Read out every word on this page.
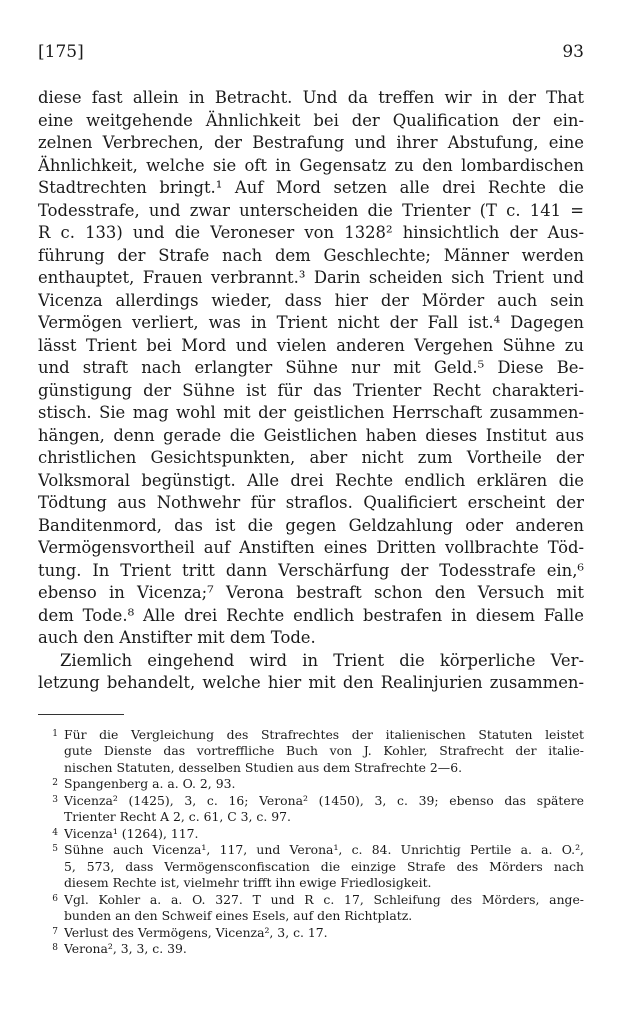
[175]	93
diese fast allein in Betracht. Und da treffen wir in der That
eine weitgehende Ähnlichkeit bei der Qualification der ein-
zelnen Verbrechen, der Bestrafung und ihrer Abstufung, eine
Ähnlichkeit, welche sie oft in Gegensatz zu den lombardischen
Stadtrechten bringt.¹ Auf Mord setzen alle drei Rechte die
Todesstrafe, und zwar unterscheiden die Trienter (T c. 141 =
R c. 133) und die Veroneser von 1328² hinsichtlich der Aus-
führung der Strafe nach dem Geschlechte; Männer werden
enthauptet, Frauen verbrannt.³ Darin scheiden sich Trient und
Vicenza allerdings wieder, dass hier der Mörder auch sein
Vermögen verliert, was in Trient nicht der Fall ist.⁴ Dagegen
lässt Trient bei Mord und vielen anderen Vergehen Sühne zu
und straft nach erlangter Sühne nur mit Geld.⁵ Diese Be-
günstigung der Sühne ist für das Trienter Recht charakteri-
stisch. Sie mag wohl mit der geistlichen Herrschaft zusammen-
hängen, denn gerade die Geistlichen haben dieses Institut aus
christlichen Gesichtspunkten, aber nicht zum Vortheile der
Volksmoral begünstigt. Alle drei Rechte endlich erklären die
Tödtung aus Nothwehr für straflos. Qualificiert erscheint der
Banditenmord, das ist die gegen Geldzahlung oder anderen
Vermögensvortheil auf Anstiften eines Dritten vollbrachte Töd-
tung. In Trient tritt dann Verschärfung der Todesstrafe ein,⁶
ebenso in Vicenza;⁷ Verona bestraft schon den Versuch mit
dem Tode.⁸ Alle drei Rechte endlich bestrafen in diesem Falle
auch den Anstifter mit dem Tode.
Ziemlich eingehend wird in Trient die körperliche Ver-
letzung behandelt, welche hier mit den Realinjurien zusammen-
1 Für die Vergleichung des Strafrechtes der italienischen Statuten leistet
gute Dienste das vortreffliche Buch von J. Kohler, Strafrecht der italie-
nischen Statuten, desselben Studien aus dem Strafrechte 2—6.
2 Spangenberg a. a. O. 2, 93.
3 Vicenza² (1425), 3, c. 16; Verona² (1450), 3, c. 39; ebenso das spätere
Trienter Recht A 2, c. 61, C 3, c. 97.
4 Vicenza¹ (1264), 117.
5 Sühne auch Vicenza¹, 117, und Verona¹, c. 84. Unrichtig Pertile a. a. O.²,
5, 573, dass Vermögensconfiscation die einzige Strafe des Mörders nach
diesem Rechte ist, vielmehr trifft ihn ewige Friedlosigkeit.
6 Vgl. Kohler a. a. O. 327. T und R c. 17, Schleifung des Mörders, ange-
bunden an den Schweif eines Esels, auf den Richtplatz.
7 Verlust des Vermögens, Vicenza², 3, c. 17.
8 Verona², 3, 3, c. 39.
